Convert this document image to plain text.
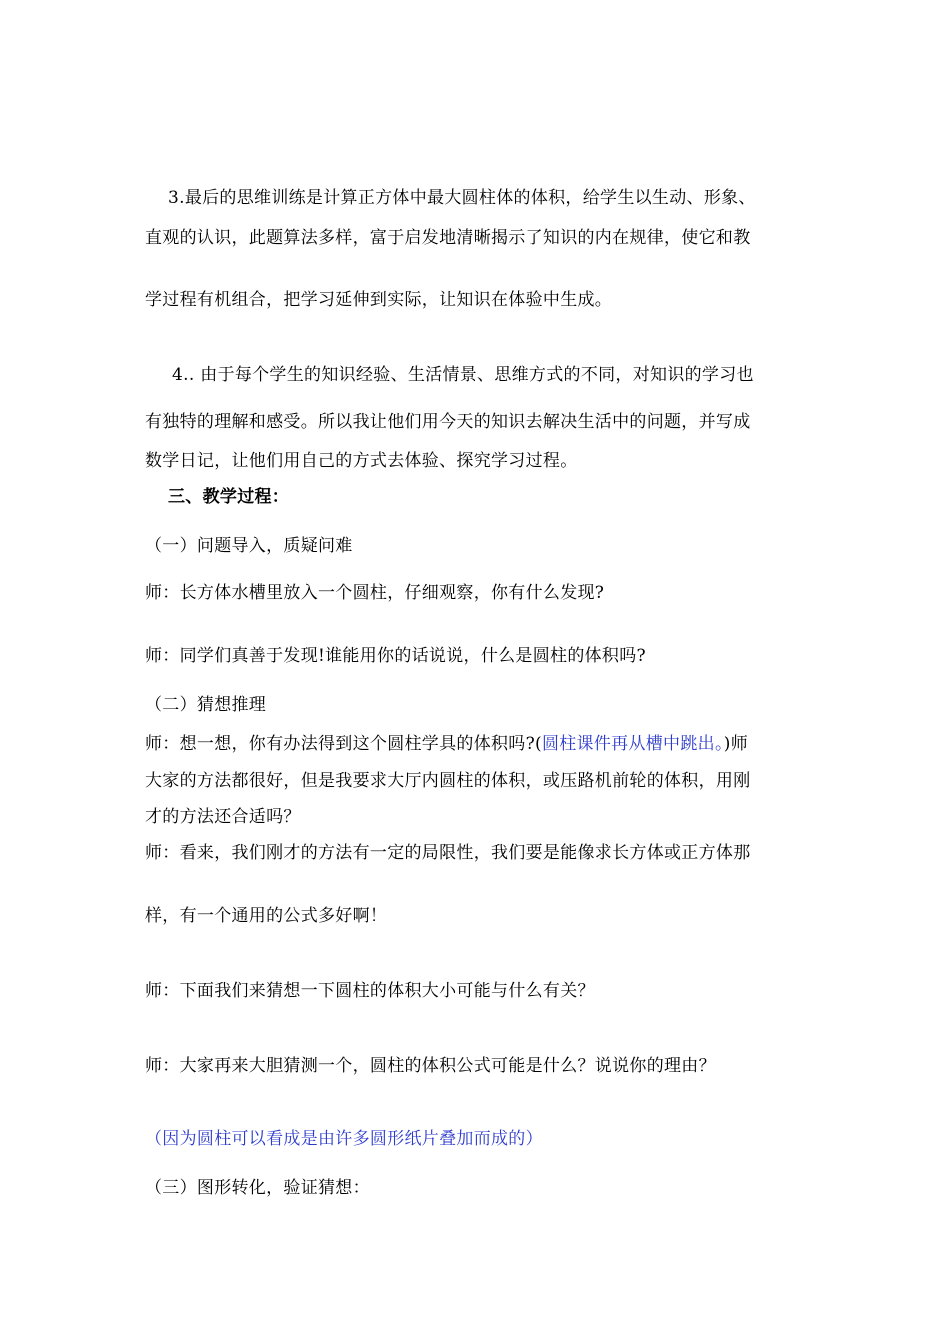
3.最后的思维训练是计算正方体中最大圆柱体的体积，给学生以生动、形象、
直观的认识，此题算法多样，富于启发地清晰揭示了知识的内在规律，使它和教
学过程有机组合，把学习延伸到实际，让知识在体验中生成。
4.. 由于每个学生的知识经验、生活情景、思维方式的不同，对知识的学习也
有独特的理解和感受。所以我让他们用今天的知识去解决生活中的问题，并写成
数学日记，让他们用自己的方式去体验、探究学习过程。
三、教学过程：
（一）问题导入，质疑问难
师：长方体水槽里放入一个圆柱，仔细观察，你有什么发现?
师：同学们真善于发现!谁能用你的话说说，什么是圆柱的体积吗?
（二）猜想推理
师：想一想，你有办法得到这个圆柱学具的体积吗?(圆柱课件再从槽中跳出。)师
大家的方法都很好，但是我要求大厅内圆柱的体积，或压路机前轮的体积，用刚
才的方法还合适吗？
师：看来，我们刚才的方法有一定的局限性，我们要是能像求长方体或正方体那
样，有一个通用的公式多好啊！
师：下面我们来猜想一下圆柱的体积大小可能与什么有关？
师：大家再来大胆猜测一个，圆柱的体积公式可能是什么？说说你的理由？
（因为圆柱可以看成是由许多圆形纸片叠加而成的）
（三）图形转化，验证猜想：
